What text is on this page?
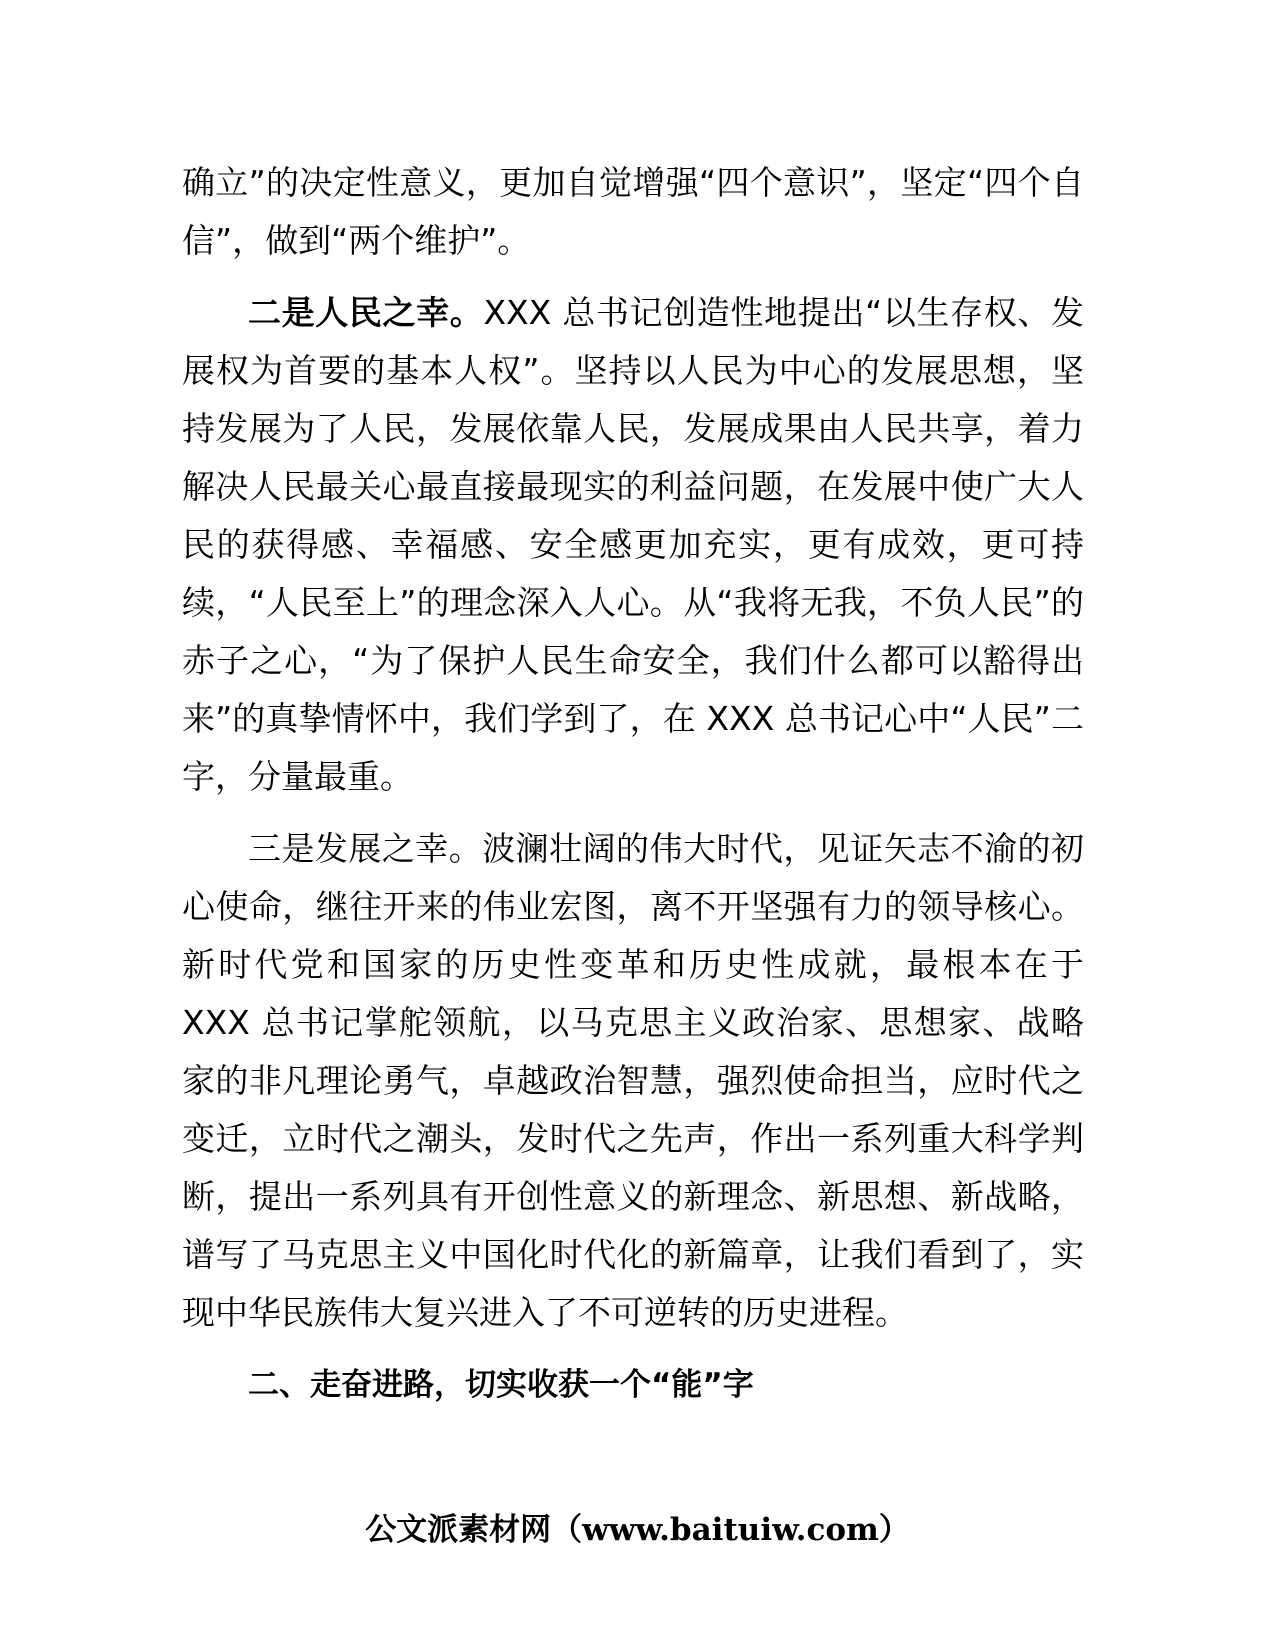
确立”的决定性意义，更加自觉增强“四个意识”，坚定“四个自信”，做到“两个维护”。

二是人民之幸。XXX 总书记创造性地提出“以生存权、发展权为首要的基本人权”。坚持以人民为中心的发展思想，坚持发展为了人民，发展依靠人民，发展成果由人民共享，着力解决人民最关心最直接最现实的利益问题，在发展中使广大人民的获得感、幸福感、安全感更加充实，更有成效，更可持续，“人民至上”的理念深入人心。从“我将无我，不负人民”的赤子之心，“为了保护人民生命安全，我们什么都可以豁得出来”的真挚情怀中，我们学到了，在 XXX 总书记心中“人民”二字，分量最重。

三是发展之幸。波澜壮阔的伟大时代，见证矢志不渝的初心使命，继往开来的伟业宏图，离不开坚强有力的领导核心。新时代党和国家的历史性变革和历史性成就，最根本在于 XXX 总书记掌舵领航，以马克思主义政治家、思想家、战略家的非凡理论勇气，卓越政治智慧，强烈使命担当，应时代之变迁，立时代之潮头，发时代之先声，作出一系列重大科学判断，提出一系列具有开创性意义的新理念、新思想、新战略，谱写了马克思主义中国化时代化的新篇章，让我们看到了，实现中华民族伟大复兴进入了不可逆转的历史进程。

二、走奋进路，切实收获一个“能”字

公文派素材网（www.baituiw.com）
